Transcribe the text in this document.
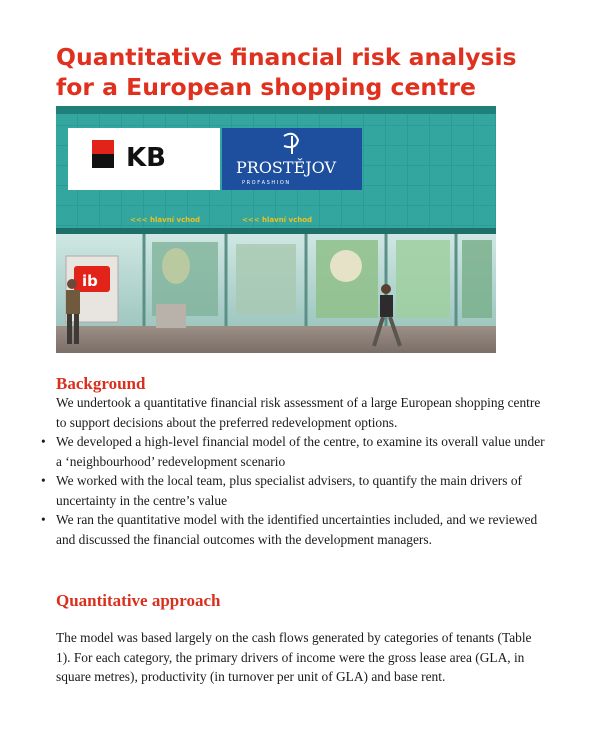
Quantitative financial risk analysis for a European shopping centre
KB	PROSTĚJOV
P R O F A S H I O N
<<< hlavní vchod	<<< hlavní vchod
ib
Background

We undertook a quantitative financial risk assessment of a large European shopping centre to support decisions about the preferred redevelopment options.

• We developed a high-level financial model of the centre, to examine its overall value under a ‘neighbourhood’ redevelopment scenario
• We worked with the local team, plus specialist advisers, to quantify the main drivers of uncertainty in the centre’s value
• We ran the quantitative model with the identified uncertainties included, and we reviewed and discussed the financial outcomes with the development managers.
Quantitative approach

The model was based largely on the cash flows generated by categories of tenants (Table 1). For each category, the primary drivers of income were the gross lease area (GLA, in square metres), productivity (in turnover per unit of GLA) and base rent.
